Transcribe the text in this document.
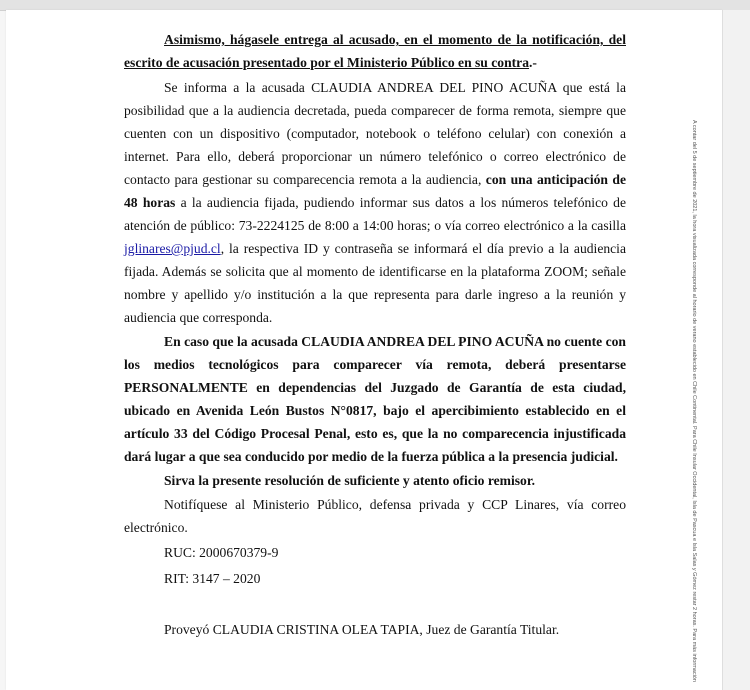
Asimismo, hágasele entrega al acusado, en el momento de la notificación, del escrito de acusación presentado por el Ministerio Público en su contra.-

Se informa a la acusada CLAUDIA ANDREA DEL PINO ACUÑA que está la posibilidad que a la audiencia decretada, pueda comparecer de forma remota, siempre que cuenten con un dispositivo (computador, notebook o teléfono celular) con conexión a internet. Para ello, deberá proporcionar un número telefónico o correo electrónico de contacto para gestionar su comparecencia remota a la audiencia, con una anticipación de 48 horas a la audiencia fijada, pudiendo informar sus datos a los números telefónico de atención de público: 73-2224125 de 8:00 a 14:00 horas; o vía correo electrónico a la casilla jglinares@pjud.cl, la respectiva ID y contraseña se informará el día previo a la audiencia fijada. Además se solicita que al momento de identificarse en la plataforma ZOOM; señale nombre y apellido y/o institución a la que representa para darle ingreso a la reunión y audiencia que corresponda.

En caso que la acusada CLAUDIA ANDREA DEL PINO ACUÑA no cuente con los medios tecnológicos para comparecer vía remota, deberá presentarse PERSONALMENTE en dependencias del Juzgado de Garantía de esta ciudad, ubicado en Avenida León Bustos N°0817, bajo el apercibimiento establecido en el artículo 33 del Código Procesal Penal, esto es, que la no comparecencia injustificada dará lugar a que sea conducido por medio de la fuerza pública a la presencia judicial.

Sirva la presente resolución de suficiente y atento oficio remisor.

Notifíquese al Ministerio Público, defensa privada y CCP Linares, vía correo electrónico.

RUC: 2000670379-9

RIT: 3147 – 2020

Proveyó CLAUDIA CRISTINA OLEA TAPIA, Juez de Garantía Titular.	A contar del 5 de septiembre de 2021, la hora visualizada corresponde al horario de verano establecido en Chile Continental. Para Chile Insular Occidental, Isla de Pascua e Isla Salas y Gómez restar 2 horas. Para más información
